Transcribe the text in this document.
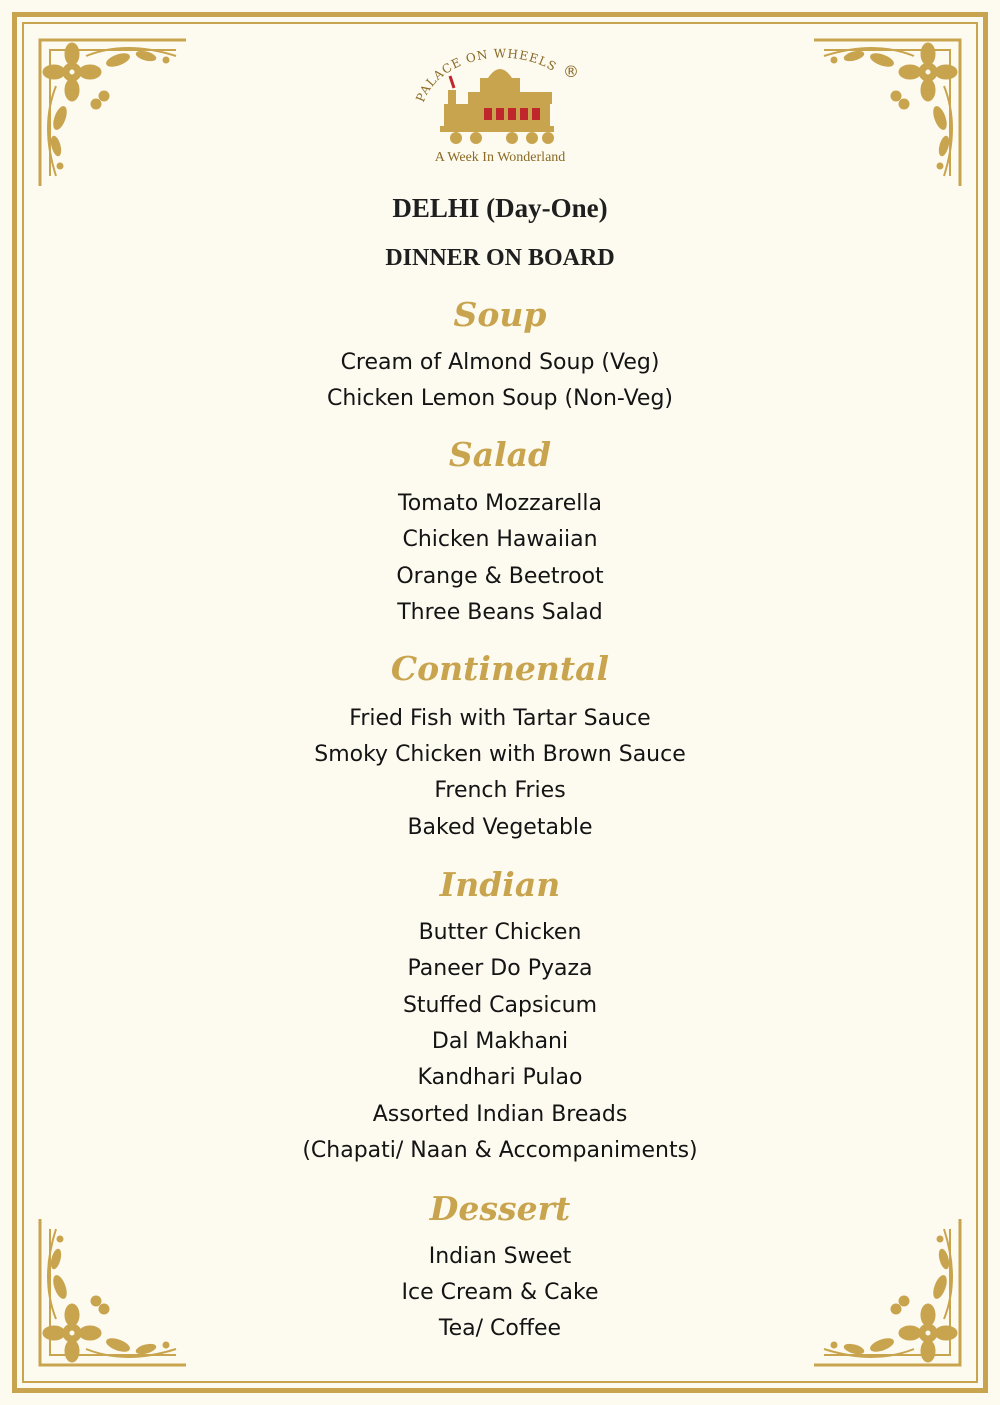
PALACE ON WHEELS ®
A Week In Wonderland
DELHI (Day-One)
DINNER ON BOARD
Soup
Cream of Almond Soup (Veg)
Chicken Lemon Soup (Non-Veg)
Salad
Tomato Mozzarella
Chicken Hawaiian
Orange & Beetroot
Three Beans Salad
Continental
Fried Fish with Tartar Sauce
Smoky Chicken with Brown Sauce
French Fries
Baked Vegetable
Indian
Butter Chicken
Paneer Do Pyaza
Stuffed Capsicum
Dal Makhani
Kandhari Pulao
Assorted Indian Breads
(Chapati/ Naan & Accompaniments)
Dessert
Indian Sweet
Ice Cream & Cake
Tea/ Coffee
